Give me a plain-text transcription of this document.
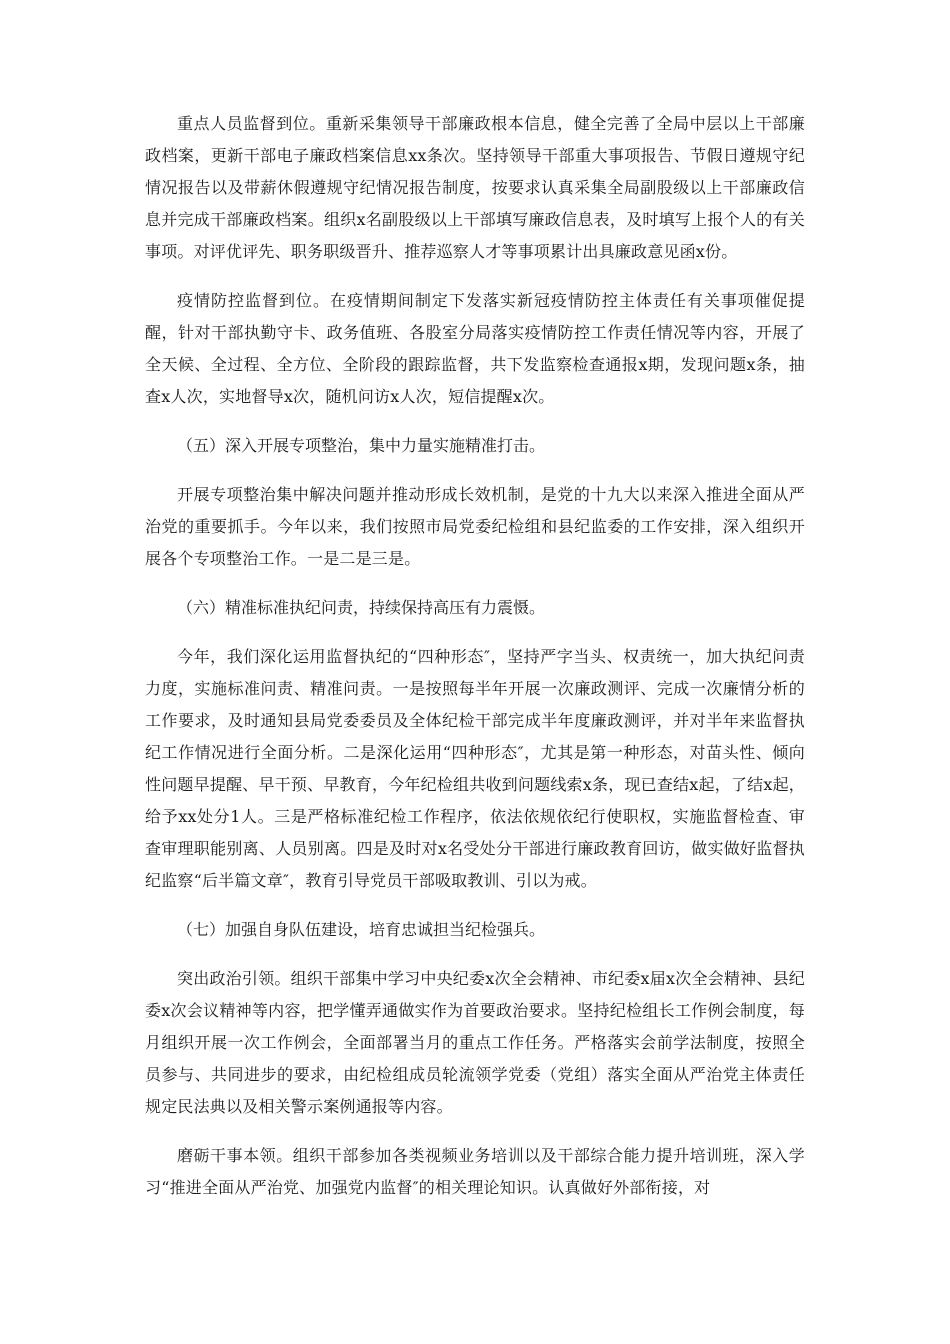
重点人员监督到位。重新采集领导干部廉政根本信息，健全完善了全局中层以上干部廉政档案，更新干部电子廉政档案信息xx条次。坚持领导干部重大事项报告、节假日遵规守纪情况报告以及带薪休假遵规守纪情况报告制度，按要求认真采集全局副股级以上干部廉政信息并完成干部廉政档案。组织x名副股级以上干部填写廉政信息表，及时填写上报个人的有关事项。对评优评先、职务职级晋升、推荐巡察人才等事项累计出具廉政意见函x份。

疫情防控监督到位。在疫情期间制定下发落实新冠疫情防控主体责任有关事项催促提醒，针对干部执勤守卡、政务值班、各股室分局落实疫情防控工作责任情况等内容，开展了全天候、全过程、全方位、全阶段的跟踪监督，共下发监察检查通报x期，发现问题x条，抽查x人次，实地督导x次，随机问访x人次，短信提醒x次。

（五）深入开展专项整治，集中力量实施精准打击。

开展专项整治集中解决问题并推动形成长效机制，是党的十九大以来深入推进全面从严治党的重要抓手。今年以来，我们按照市局党委纪检组和县纪监委的工作安排，深入组织开展各个专项整治工作。一是二是三是。

（六）精准标准执纪问责，持续保持高压有力震慑。

今年，我们深化运用监督执纪的“四种形态″，坚持严字当头、权责统一，加大执纪问责力度，实施标准问责、精准问责。一是按照每半年开展一次廉政测评、完成一次廉情分析的工作要求，及时通知县局党委委员及全体纪检干部完成半年度廉政测评，并对半年来监督执纪工作情况进行全面分析。二是深化运用“四种形态″，尤其是第一种形态，对苗头性、倾向性问题早提醒、早干预、早教育，今年纪检组共收到问题线索x条，现已查结x起，了结x起，给予xx处分1人。三是严格标准纪检工作程序，依法依规依纪行使职权，实施监督检查、审查审理职能别离、人员别离。四是及时对x名受处分干部进行廉政教育回访，做实做好监督执纪监察“后半篇文章″，教育引导党员干部吸取教训、引以为戒。

（七）加强自身队伍建设，培育忠诚担当纪检强兵。

突出政治引领。组织干部集中学习中央纪委x次全会精神、市纪委x届x次全会精神、县纪委x次会议精神等内容，把学懂弄通做实作为首要政治要求。坚持纪检组长工作例会制度，每月组织开展一次工作例会，全面部署当月的重点工作任务。严格落实会前学法制度，按照全员参与、共同进步的要求，由纪检组成员轮流领学党委（党组）落实全面从严治党主体责任规定民法典以及相关警示案例通报等内容。

磨砺干事本领。组织干部参加各类视频业务培训以及干部综合能力提升培训班，深入学习“推进全面从严治党、加强党内监督″的相关理论知识。认真做好外部衔接，对
